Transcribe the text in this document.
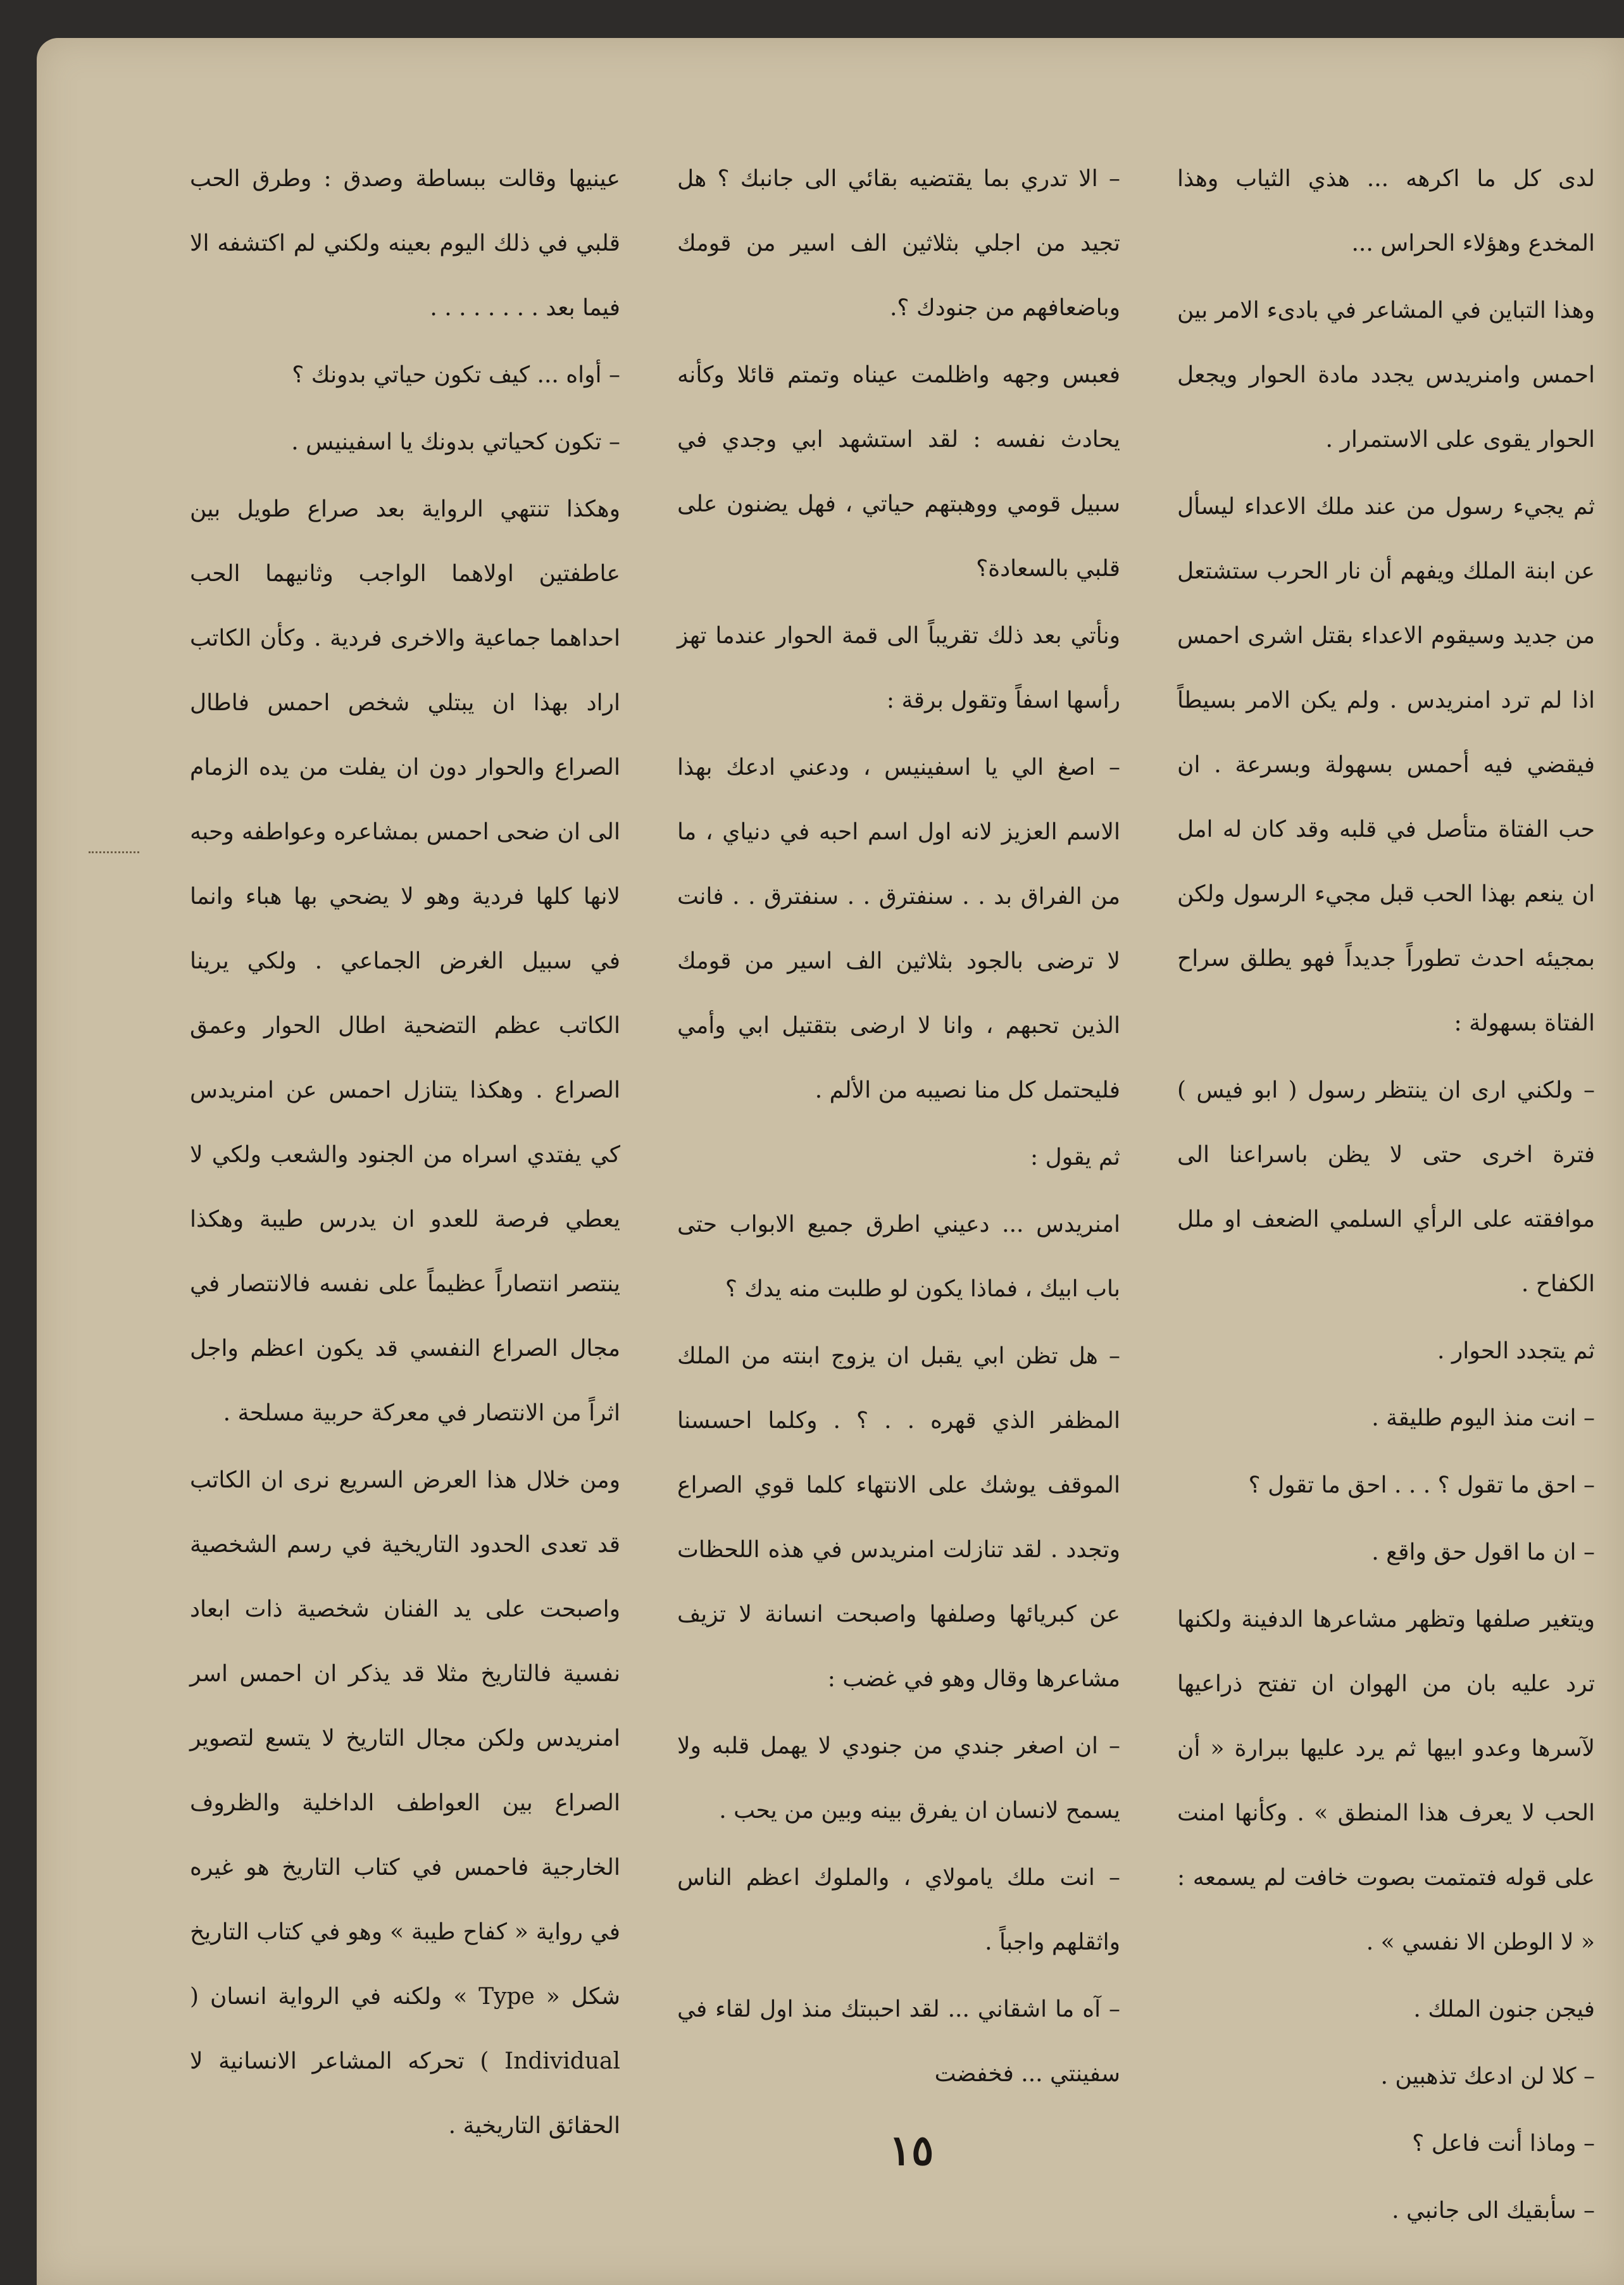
لدى كل ما اكرهه ... هذي الثياب وهذا المخدع وهؤلاء الحراس ...

وهذا التباين في المشاعر في بادىء الامر بين احمس وامنريدس يجدد مادة الحوار ويجعل الحوار يقوى على الاستمرار .

ثم يجيء رسول من عند ملك الاعداء ليسأل عن ابنة الملك ويفهم أن نار الحرب ستشتعل من جديد وسيقوم الاعداء بقتل اشرى احمس اذا لم ترد امنريدس . ولم يكن الامر بسيطاً فيقضي فيه أحمس بسهولة وبسرعة . ان حب الفتاة متأصل في قلبه وقد كان له امل ان ينعم بهذا الحب قبل مجيء الرسول ولكن بمجيئه احدث تطوراً جديداً فهو يطلق سراح الفتاة بسهولة :

– ولكني ارى ان ينتظر رسول ( ابو فيس ) فترة اخرى حتى لا يظن باسراعنا الى موافقته على الرأي السلمي الضعف او ملل الكفاح .

ثم يتجدد الحوار .

– انت منذ اليوم طليقة .

– احق ما تقول ؟ . . . احق ما تقول ؟

– ان ما اقول حق واقع .

ويتغير صلفها وتظهر مشاعرها الدفينة ولكنها ترد عليه بان من الهوان ان تفتح ذراعيها لآسرها وعدو ابيها ثم يرد عليها ببرارة « أن الحب لا يعرف هذا المنطق » . وكأنها امنت على قوله فتمتمت بصوت خافت لم يسمعه : « لا الوطن الا نفسي » .

فيجن جنون الملك .

– كلا لن ادعك تذهبين .

– وماذا أنت فاعل ؟

– سأبقيك الى جانبي .

– الا تدري بما يقتضيه بقائي الى جانبك ؟ هل تجيد من اجلي بثلاثين الف اسير من قومك وباضعافهم من جنودك ؟.

فعبس وجهه واظلمت عيناه وتمتم قائلا وكأنه يحادث نفسه : لقد استشهد ابي وجدي في سبيل قومي ووهبتهم حياتي ، فهل يضنون على قلبي بالسعادة؟

ونأتي بعد ذلك تقريباً الى قمة الحوار عندما تهز رأسها اسفاً وتقول برقة :

– اصغ الي يا اسفينيس ، ودعني ادعك بهذا الاسم العزيز لانه اول اسم احبه في دنياي ، ما من الفراق بد . . سنفترق . . سنفترق . . فانت لا ترضى بالجود بثلاثين الف اسير من قومك الذين تحبهم ، وانا لا ارضى بتقتيل ابي وأمي فليحتمل كل منا نصيبه من الألم .

ثم يقول :

امنريدس ... دعيني اطرق جميع الابواب حتى باب ابيك ، فماذا يكون لو طلبت منه يدك ؟

– هل تظن ابي يقبل ان يزوج ابنته من الملك المظفر الذي قهره . . ؟ . وكلما احسسنا الموقف يوشك على الانتهاء كلما قوي الصراع وتجدد . لقد تنازلت امنريدس في هذه اللحظات عن كبريائها وصلفها واصبحت انسانة لا تزيف مشاعرها وقال وهو في غضب :

– ان اصغر جندي من جنودي لا يهمل قلبه ولا يسمح لانسان ان يفرق بينه وبين من يحب .

– انت ملك يامولاي ، والملوك اعظم الناس واثقلهم واجباً .

– آه ما اشقاني ... لقد احببتك منذ اول لقاء في سفينتي ... فخفضت

عينيها وقالت ببساطة وصدق : وطرق الحب قلبي في ذلك اليوم بعينه ولكني لم اكتشفه الا فيما بعد . . . . . . . .

– أواه ... كيف تكون حياتي بدونك ؟

– تكون كحياتي بدونك يا اسفينيس .

وهكذا تنتهي الرواية بعد صراع طويل بين عاطفتين اولاهما الواجب وثانيهما الحب احداهما جماعية والاخرى فردية . وكأن الكاتب اراد بهذا ان يبتلي شخص احمس فاطال الصراع والحوار دون ان يفلت من يده الزمام الى ان ضحى احمس بمشاعره وعواطفه وحبه لانها كلها فردية وهو لا يضحي بها هباء وانما في سبيل الغرض الجماعي . ولكي يرينا الكاتب عظم التضحية اطال الحوار وعمق الصراع . وهكذا يتنازل احمس عن امنريدس كي يفتدي اسراه من الجنود والشعب ولكي لا يعطي فرصة للعدو ان يدرس طيبة وهكذا ينتصر انتصاراً عظيماً على نفسه فالانتصار في مجال الصراع النفسي قد يكون اعظم واجل اثراً من الانتصار في معركة حربية مسلحة .

ومن خلال هذا العرض السريع نرى ان الكاتب قد تعدى الحدود التاريخية في رسم الشخصية واصبحت على يد الفنان شخصية ذات ابعاد نفسية فالتاريخ مثلا قد يذكر ان احمس اسر امنريدس ولكن مجال التاريخ لا يتسع لتصوير الصراع بين العواطف الداخلية والظروف الخارجية فاحمس في كتاب التاريخ هو غيره في رواية « كفاح طيبة » وهو في كتاب التاريخ شكل « Type » ولكنه في الرواية انسان ( Individual ) تحركه المشاعر الانسانية لا الحقائق التاريخية .	١٥
